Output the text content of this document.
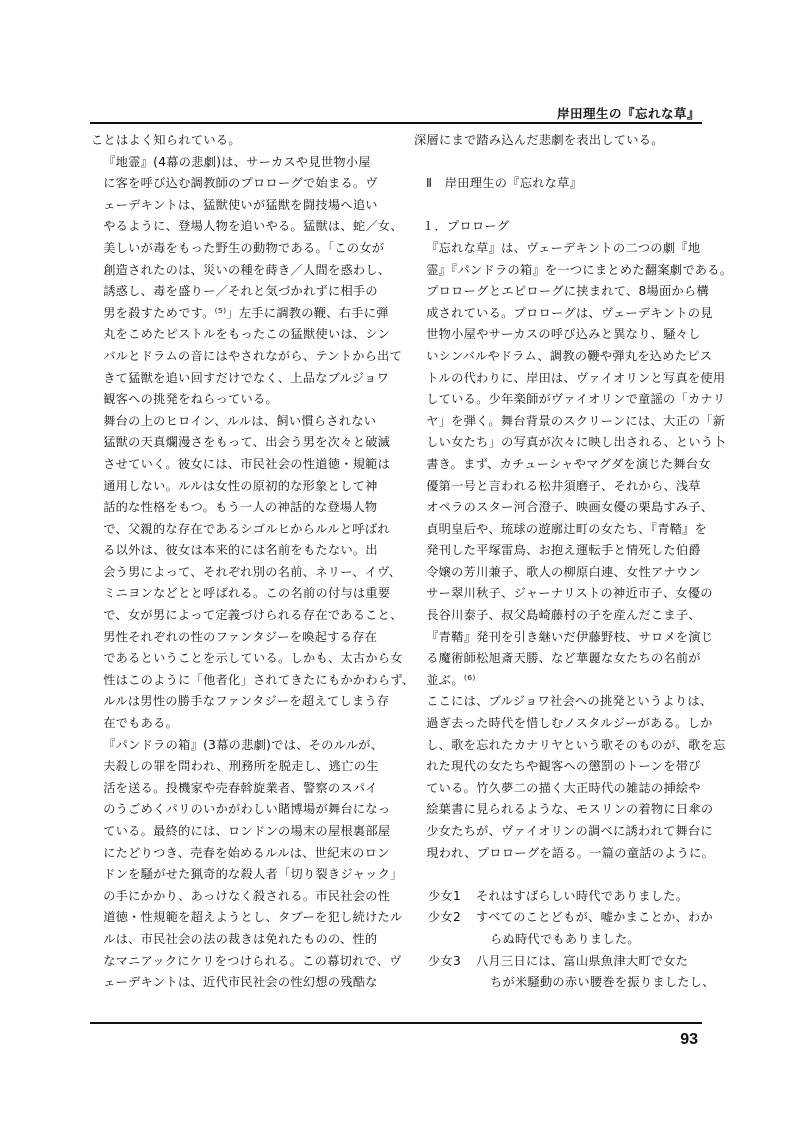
岸田理生の『忘れな草』

ことはよく知られている。

『地霊』(4幕の悲劇)は、サーカスや見世物小屋
に客を呼び込む調教師のプロローグで始まる。ヴ
ェーデキントは、猛獣使いが猛獣を闘技場へ追い
やるように、登場人物を追いやる。猛獣は、蛇／女、
美しいが毒をもった野生の動物である。「この女が
創造されたのは、災いの種を蒔き／人間を惑わし、
誘惑し、毒を盛りー／それと気づかれずに相手の
男を殺すためです。⁽⁵⁾」左手に調教の鞭、右手に弾
丸をこめたピストルをもったこの猛獣使いは、シン
バルとドラムの音にはやされながら、テントから出て
きて猛獣を追い回すだけでなく、上品なブルジョワ
観客への挑発をねらっている。

舞台の上のヒロイン、ルルは、飼い慣らされない
猛獣の天真爛漫さをもって、出会う男を次々と破滅
させていく。彼女には、市民社会の性道徳・規範は
通用しない。ルルは女性の原初的な形象として神
話的な性格をもつ。もう一人の神話的な登場人物
で、父親的な存在であるシゴルヒからルルと呼ばれ
る以外は、彼女は本来的には名前をもたない。出
会う男によって、それぞれ別の名前、ネリー、イヴ、
ミニヨンなどとと呼ばれる。この名前の付与は重要
で、女が男によって定義づけられる存在であること、
男性それぞれの性のファンタジーを喚起する存在
であるということを示している。しかも、太古から女
性はこのように「他者化」されてきたにもかかわらず、
ルルは男性の勝手なファンタジーを超えてしまう存
在でもある。

『パンドラの箱』(3幕の悲劇)では、そのルルが、
夫殺しの罪を問われ、刑務所を脱走し、逃亡の生
活を送る。投機家や売春斡旋業者、警察のスパイ
のうごめくパリのいかがわしい賭博場が舞台になっ
ている。最終的には、ロンドンの場末の屋根裏部屋
にたどりつき、売春を始めるルルは、世紀末のロン
ドンを騒がせた猟奇的な殺人者「切り裂きジャック」
の手にかかり、あっけなく殺される。市民社会の性
道徳・性規範を超えようとし、タブーを犯し続けたル
ルは、市民社会の法の裁きは免れたものの、性的
なマニアックにケリをつけられる。この幕切れで、ヴ
ェーデキントは、近代市民社会の性幻想の残酷な

深層にまで踏み込んだ悲劇を表出している。
Ⅱ　岸田理生の『忘れな草』
１．プロローグ

『忘れな草』は、ヴェーデキントの二つの劇『地
霊』『パンドラの箱』を一つにまとめた翻案劇である。
プロローグとエピローグに挟まれて、8場面から構
成されている。プロローグは、ヴェーデキントの見
世物小屋やサーカスの呼び込みと異なり、騒々し
いシンバルやドラム、調教の鞭や弾丸を込めたピス
トルの代わりに、岸田は、ヴァイオリンと写真を使用
している。少年楽師がヴァイオリンで童謡の「カナリ
ヤ」を弾く。舞台背景のスクリーンには、大正の「新
しい女たち」の写真が次々に映し出される、という卜
書き。まず、カチューシャやマグダを演じた舞台女
優第一号と言われる松井須磨子、それから、浅草
オペラのスター河合澄子、映画女優の栗島すみ子、
貞明皇后や、琉球の遊廓辻町の女たち、『青鞜』を
発刊した平塚雷鳥、お抱え運転手と情死した伯爵
令嬢の芳川兼子、歌人の柳原白連、女性アナウン
サー翠川秋子、ジャーナリストの神近市子、女優の
長谷川泰子、叔父島崎藤村の子を産んだこま子、
『青鞜』発刊を引き継いだ伊藤野枝、サロメを演じ
る魔術師松旭斎天勝、など華麗な女たちの名前が
並ぶ。⁽⁶⁾

ここには、ブルジョワ社会への挑発というよりは、
過ぎ去った時代を惜しむノスタルジーがある。しか
し、歌を忘れたカナリヤという歌そのものが、歌を忘
れた現代の女たちや観客への懲罰のトーンを帯び
ている。竹久夢二の描く大正時代の雑誌の挿絵や
絵葉書に見られるような、モスリンの着物に日傘の
少女たちが、ヴァイオリンの調べに誘われて舞台に
現われ、プロローグを語る。一篇の童話のように。

少女1	それはすばらしい時代でありました。
少女2	すべてのことどもが、嘘かまことか、わか
らぬ時代でもありました。
少女3	八月三日には、富山県魚津大町で女た
ちが米騒動の赤い腰巻を振りましたし、
93
